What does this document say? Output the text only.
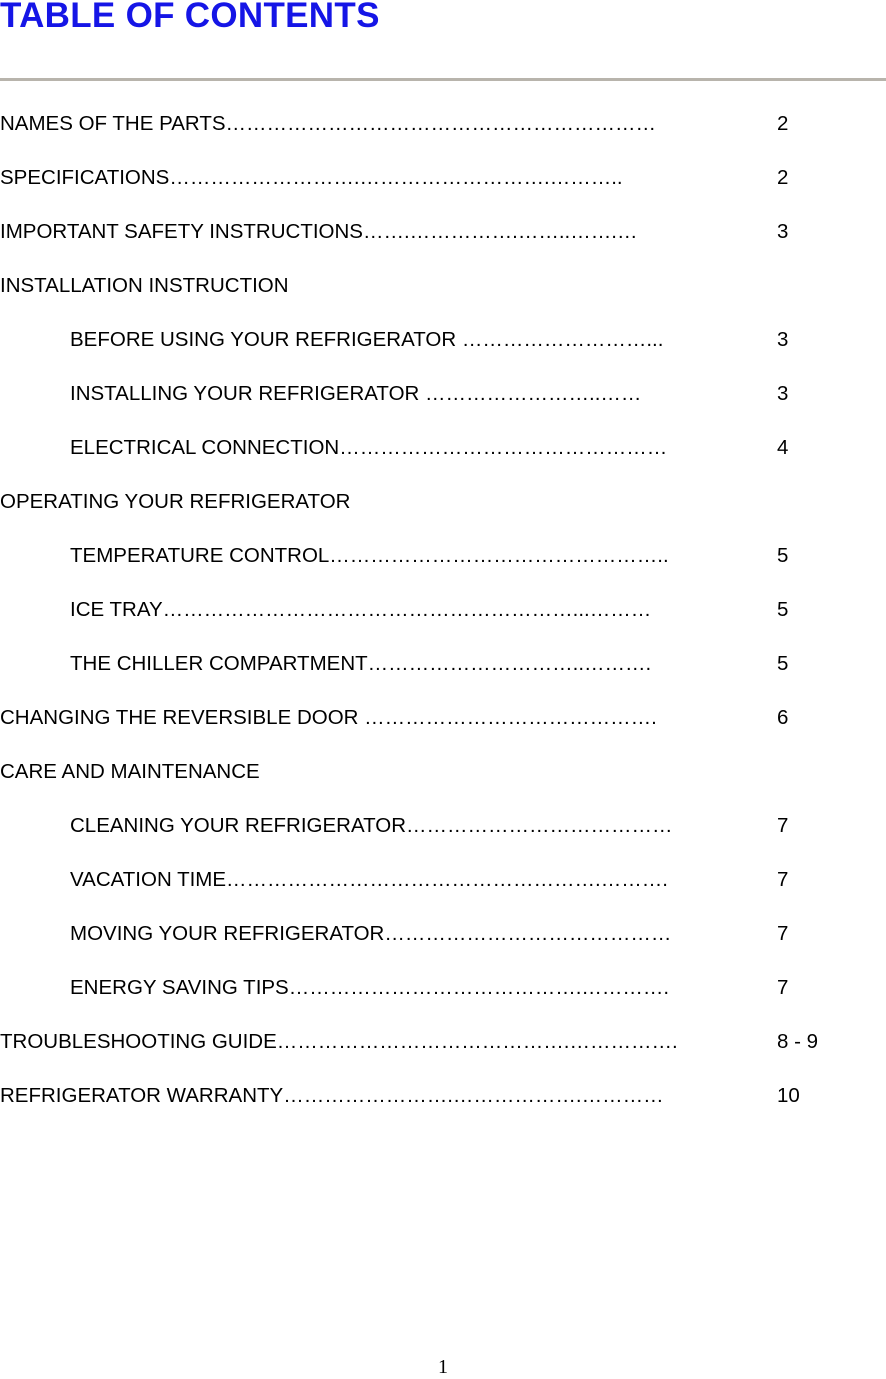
TABLE OF CONTENTS
NAMES OF THE PARTS………………………………………………………	2
SPECIFICATIONS……………………….……………………….………..	2
IMPORTANT SAFETY INSTRUCTIONS…….…………….……..…….…	3
INSTALLATION INSTRUCTION
BEFORE USING YOUR REFRIGERATOR ………………………...	3
INSTALLING YOUR REFRIGERATOR ……………………..……	3
ELECTRICAL CONNECTION…………………………………………	4
OPERATING YOUR REFRIGERATOR
TEMPERATURE CONTROL…………………………………………..	5
ICE TRAY……………………………………………………...………	5
THE CHILLER COMPARTMENT…………………………..……….	5
CHANGING THE REVERSIBLE DOOR …………………………………….	6
CARE AND MAINTENANCE
CLEANING YOUR REFRIGERATOR…………………………………	7
VACATION TIME……………………………………………….……….	7
MOVING YOUR REFRIGERATOR……………………………………	7
ENERGY SAVING TIPS…………………………………….………….	7
TROUBLESHOOTING GUIDE…………………………………….…………….	8 - 9
REFRIGERATOR WARRANTY…………………….……………….…………	10
1
